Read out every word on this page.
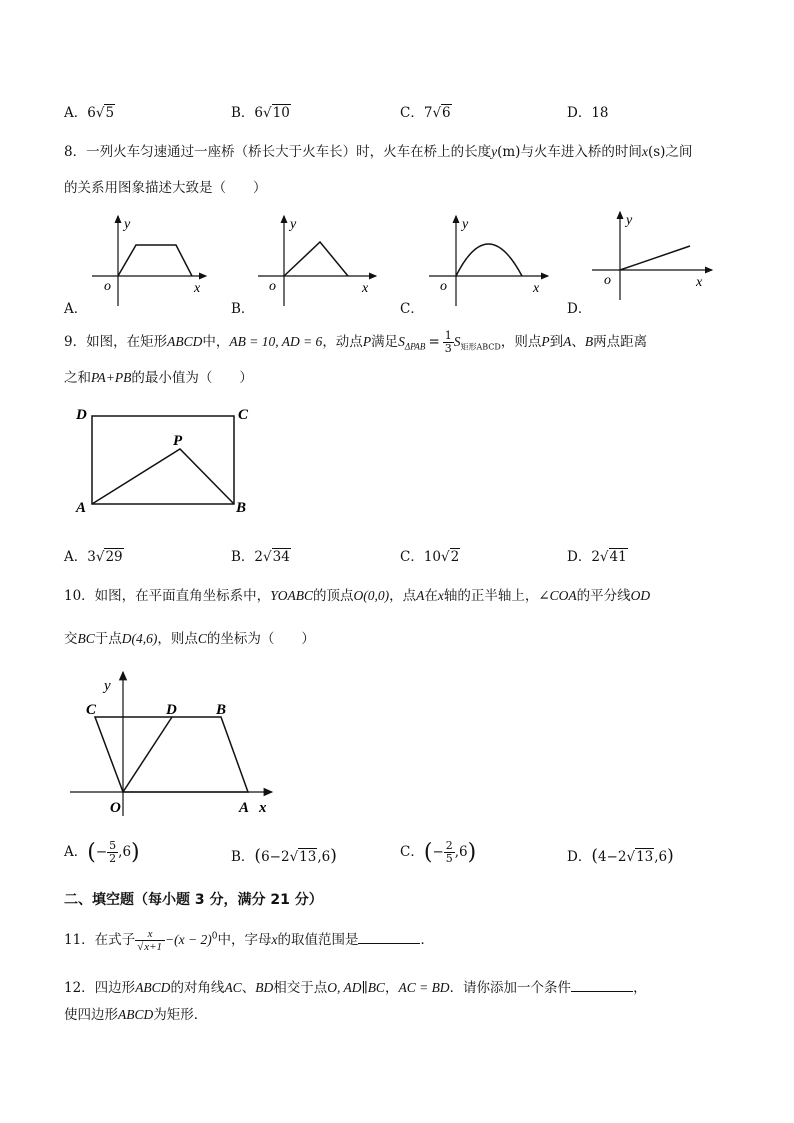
A．6 √ 5	B．6 √ 10	C．7 √ 6	D．18
8．一列火车匀速通过一座桥（桥长大于火车长）时，火车在桥上的长度y(m)与火车进入桥的时间x(s)之间
的关系用图象描述大致是（　　）
y
o	x
y
o	x
y
o	x
y
o	x
A．	B．	C．	D．
9．如图，在矩形ABCD中，AB = 10, AD = 6，动点P满足$S_{\Delta PAB} = \frac{1}{3} S_{矩形ABCD}$，则点P到A、B两点距离
之和PA+PB的最小值为（　　）
D	C
P
A	B
A．3 √ 29	B．2 √ 34	C．10 √ 2	D．2 √ 41
10．如图，在平面直角坐标系中，YOABC的顶点O(0,0)，点A在x轴的正半轴上，∠COA的平分线OD
交BC于点D(4,6)，则点C的坐标为（　　）
y
C	D	B
O	A x
A．(− $\frac{5}{2} ,6$)	B．(6−2 √ 13,6)	C．(− $\frac{2}{5} ,6$)	D．(4−2 √ 13,6)
二、填空题（每小题 3 分，满分 21 分）
11．在式子 x
√ $x+1 -(x - 2)^0$中，字母x的取值范围是	．
12．四边形ABCD的对角线AC、BD相交于点O, AD∥BC，AC = BD．请你添加一个条件	，
使四边形ABCD为矩形．
